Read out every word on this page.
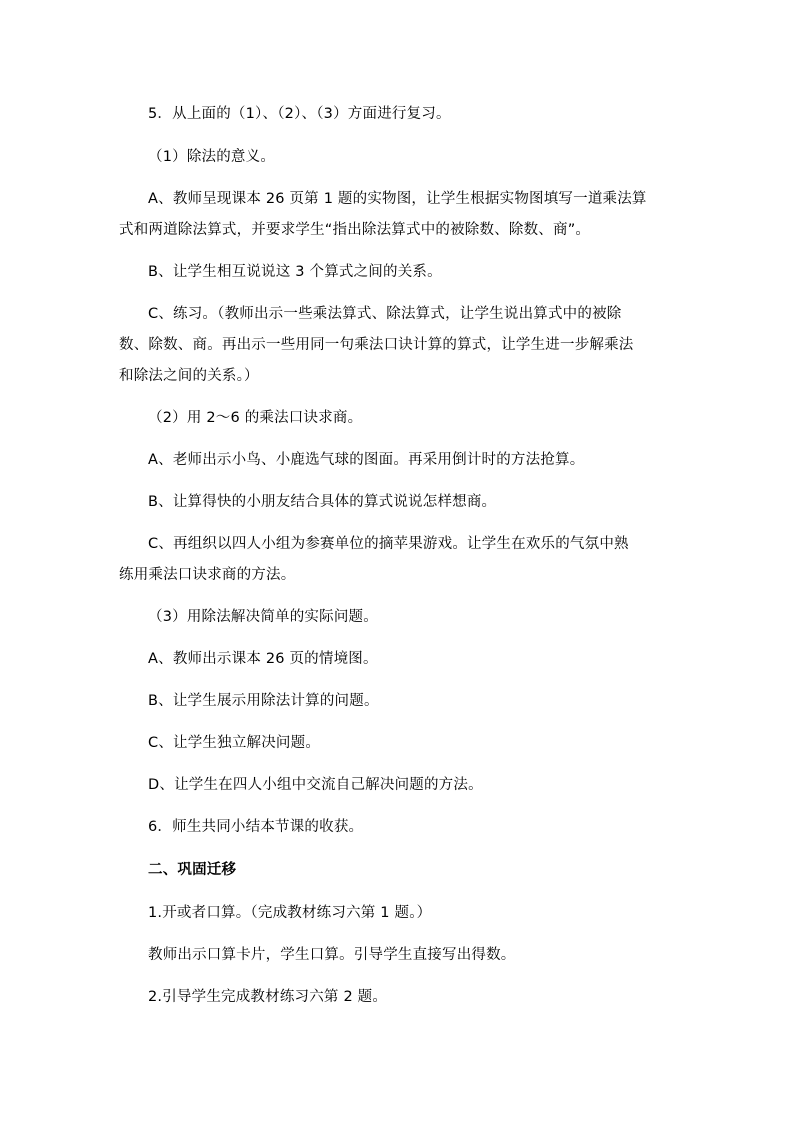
5．从上面的（1）、（2）、（3）方面进行复习。
（1）除法的意义。
A、教师呈现课本 26 页第 1 题的实物图，让学生根据实物图填写一道乘法算
式和两道除法算式，并要求学生“指出除法算式中的被除数、除数、商”。
B、让学生相互说说这 3 个算式之间的关系。
C、练习。（教师出示一些乘法算式、除法算式，让学生说出算式中的被除
数、除数、商。再出示一些用同一句乘法口诀计算的算式，让学生进一步解乘法
和除法之间的关系。）
（2）用 2～6 的乘法口诀求商。
A、老师出示小鸟、小鹿选气球的图面。再采用倒计时的方法抢算。
B、让算得快的小朋友结合具体的算式说说怎样想商。
C、再组织以四人小组为参赛单位的摘苹果游戏。让学生在欢乐的气氛中熟
练用乘法口诀求商的方法。
（3）用除法解决简单的实际问题。
A、教师出示课本 26 页的情境图。
B、让学生展示用除法计算的问题。
C、让学生独立解决问题。
D、让学生在四人小组中交流自己解决问题的方法。
6．师生共同小结本节课的收获。
二、巩固迁移
1.开或者口算。（完成教材练习六第 1 题。）
教师出示口算卡片，学生口算。引导学生直接写出得数。
2.引导学生完成教材练习六第 2 题。
